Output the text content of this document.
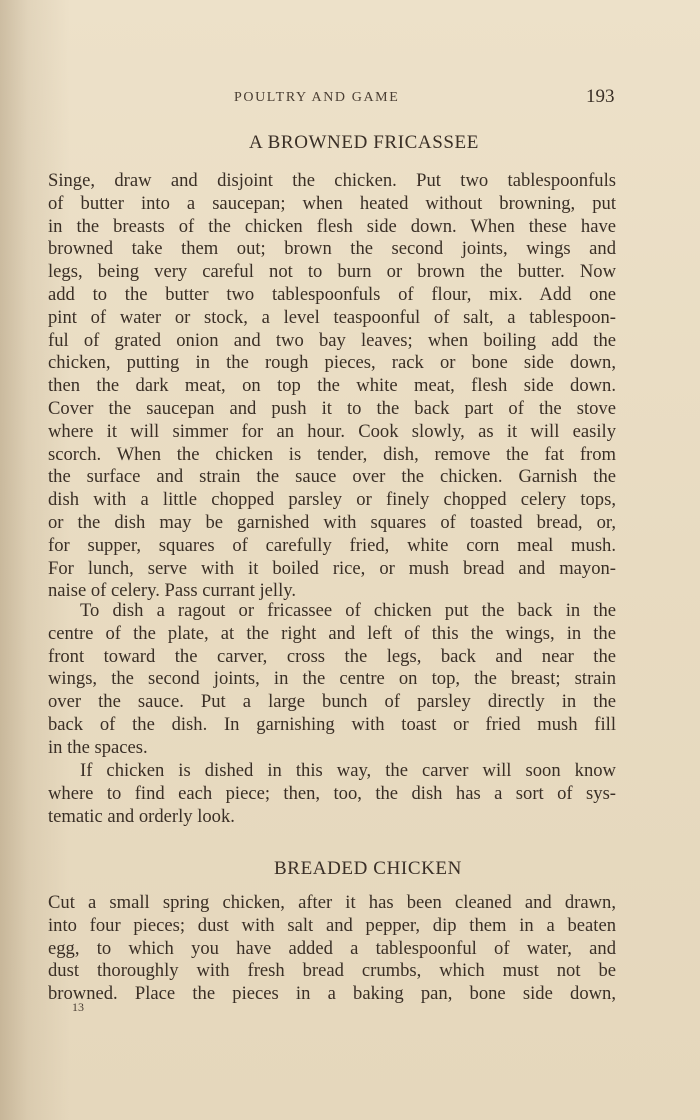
POULTRY AND GAME	193
A BROWNED FRICASSEE
Singe, draw and disjoint the chicken. Put two tablespoonfuls
of butter into a saucepan; when heated without browning, put
in the breasts of the chicken flesh side down. When these have
browned take them out; brown the second joints, wings and
legs, being very careful not to burn or brown the butter. Now
add to the butter two tablespoonfuls of flour, mix. Add one
pint of water or stock, a level teaspoonful of salt, a tablespoon-
ful of grated onion and two bay leaves; when boiling add the
chicken, putting in the rough pieces, rack or bone side down,
then the dark meat, on top the white meat, flesh side down.
Cover the saucepan and push it to the back part of the stove
where it will simmer for an hour. Cook slowly, as it will easily
scorch. When the chicken is tender, dish, remove the fat from
the surface and strain the sauce over the chicken. Garnish the
dish with a little chopped parsley or finely chopped celery tops,
or the dish may be garnished with squares of toasted bread, or,
for supper, squares of carefully fried, white corn meal mush.
For lunch, serve with it boiled rice, or mush bread and mayon-
naise of celery. Pass currant jelly.
To dish a ragout or fricassee of chicken put the back in the
centre of the plate, at the right and left of this the wings, in the
front toward the carver, cross the legs, back and near the
wings, the second joints, in the centre on top, the breast; strain
over the sauce. Put a large bunch of parsley directly in the
back of the dish. In garnishing with toast or fried mush fill
in the spaces.
If chicken is dished in this way, the carver will soon know
where to find each piece; then, too, the dish has a sort of sys-
tematic and orderly look.
BREADED CHICKEN
Cut a small spring chicken, after it has been cleaned and drawn,
into four pieces; dust with salt and pepper, dip them in a beaten
egg, to which you have added a tablespoonful of water, and
dust thoroughly with fresh bread crumbs, which must not be
browned. Place the pieces in a baking pan, bone side down,
13
